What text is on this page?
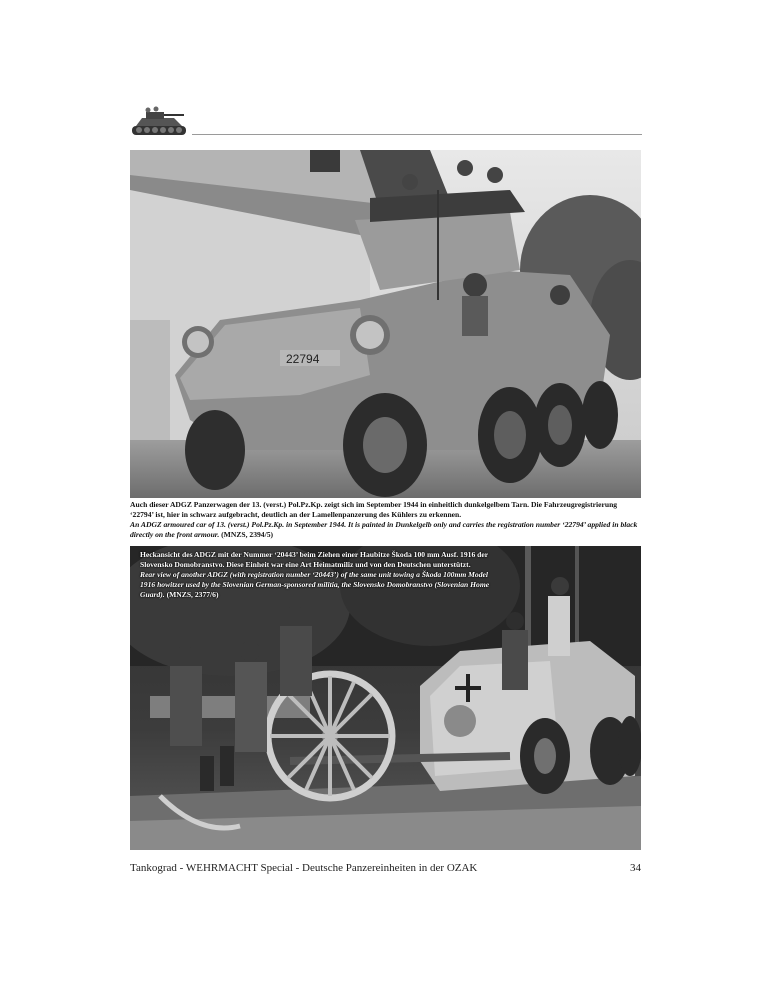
22794
Auch dieser ADGZ Panzerwagen der 13. (verst.) Pol.Pz.Kp. zeigt sich im September 1944 in einheitlich dunkelgelbem Tarn. Die Fahrzeugregistrierung ‘22794’ ist, hier in schwarz aufgebracht, deutlich an der Lamellenpanzerung des Kühlers zu erkennen.
An ADGZ armoured car of 13. (verst.) Pol.Pz.Kp. in September 1944. It is painted in Dunkelgelb only and carries the registration number ‘22794’ applied in black directly on the front armour. (MNZS, 2394/5)
Heckansicht des ADGZ mit der Nummer ‘20443’ beim Ziehen einer Haubitze Škoda 100 mm Ausf. 1916 der Slovensko Domobranstvo. Diese Einheit war eine Art Heimatmiliz und von den Deutschen unterstützt.
Rear view of another ADGZ (with registration number ‘20443’) of the same unit towing a Škoda 100mm Model 1916 howitzer used by the Slovenian German-sponsored militia, the Slovensko Domobranstvo (Slovenian Home Guard). (MNZS, 2377/6)
Tankograd - WEHRMACHT Special - Deutsche Panzereinheiten in der OZAK	34
